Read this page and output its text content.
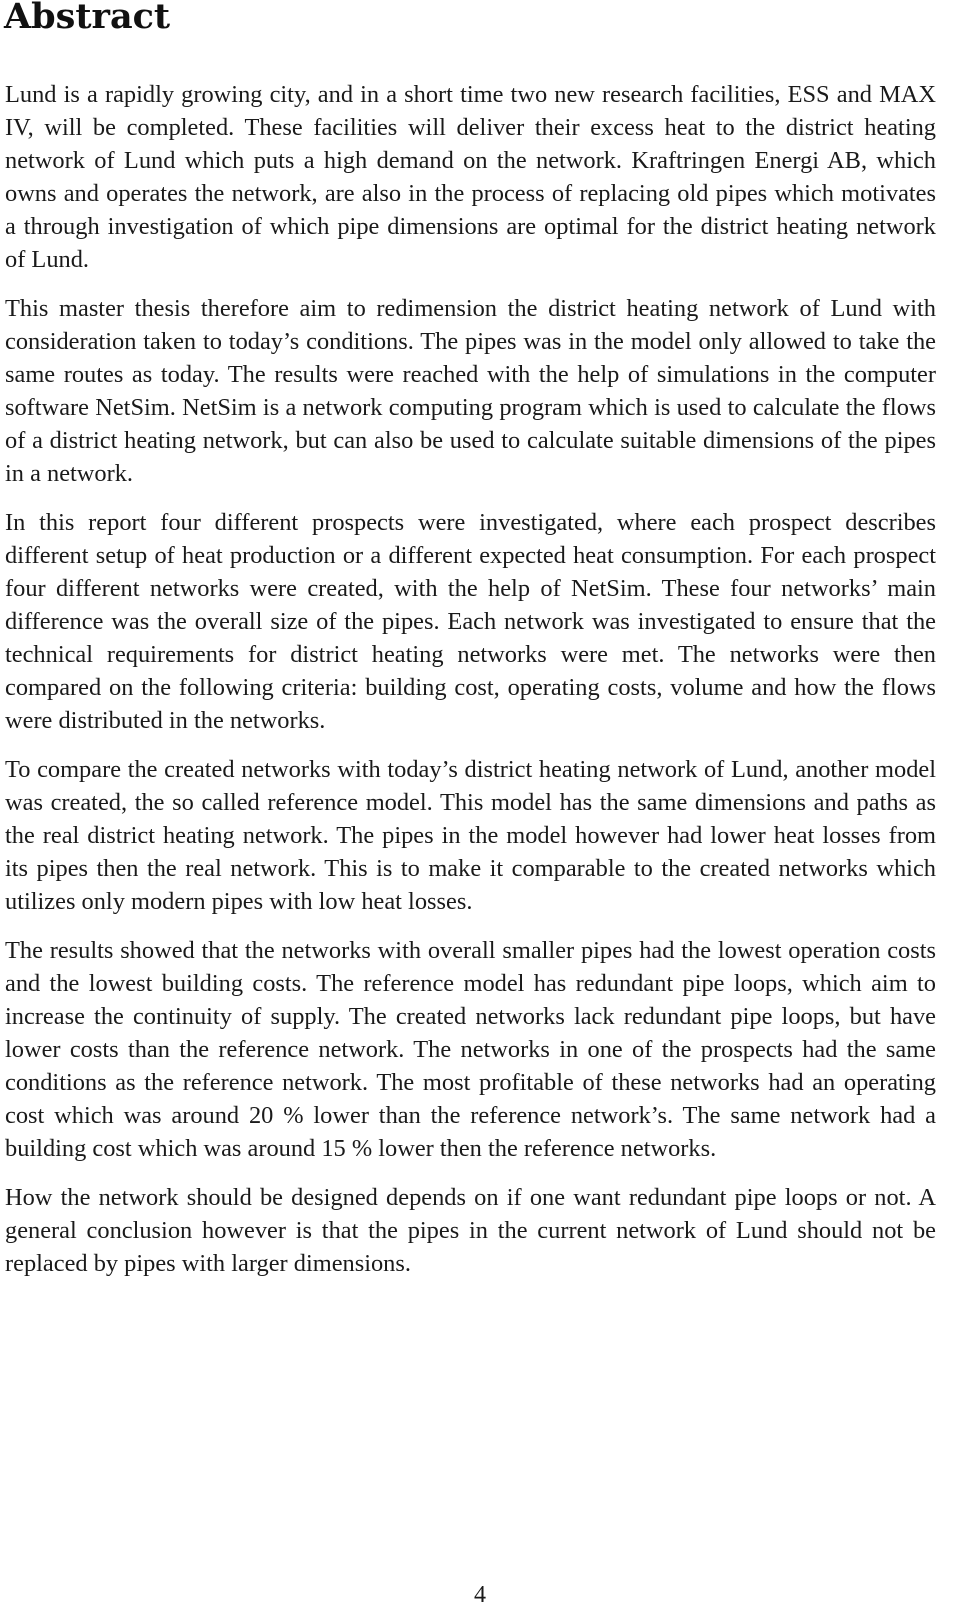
Abstract

Lund is a rapidly growing city, and in a short time two new research facilities, ESS and MAX IV, will be completed. These facilities will deliver their excess heat to the district heating network of Lund which puts a high demand on the network. Kraftringen Energi AB, which owns and operates the network, are also in the process of replacing old pipes which motivates a through investigation of which pipe dimensions are optimal for the district heating network of Lund.

This master thesis therefore aim to redimension the district heating network of Lund with consideration taken to today’s conditions. The pipes was in the model only allowed to take the same routes as today. The results were reached with the help of simulations in the computer software NetSim. NetSim is a network computing program which is used to calculate the flows of a district heating network, but can also be used to calculate suitable dimensions of the pipes in a network.

In this report four different prospects were investigated, where each prospect describes different setup of heat production or a different expected heat consumption. For each prospect four different networks were created, with the help of NetSim. These four networks’ main difference was the overall size of the pipes. Each network was investigated to ensure that the technical requirements for district heating networks were met. The networks were then compared on the following criteria: building cost, operating costs, volume and how the flows were distributed in the networks.

To compare the created networks with today’s district heating network of Lund, another model was created, the so called reference model. This model has the same dimensions and paths as the real district heating network. The pipes in the model however had lower heat losses from its pipes then the real network. This is to make it comparable to the created networks which utilizes only modern pipes with low heat losses.

The results showed that the networks with overall smaller pipes had the lowest operation costs and the lowest building costs. The reference model has redundant pipe loops, which aim to increase the continuity of supply. The created networks lack redundant pipe loops, but have lower costs than the reference network. The networks in one of the prospects had the same conditions as the reference network. The most profitable of these networks had an operating cost which was around 20 % lower than the reference network’s. The same network had a building cost which was around 15 % lower then the reference networks.

How the network should be designed depends on if one want redundant pipe loops or not. A general conclusion however is that the pipes in the current network of Lund should not be replaced by pipes with larger dimensions.

4
